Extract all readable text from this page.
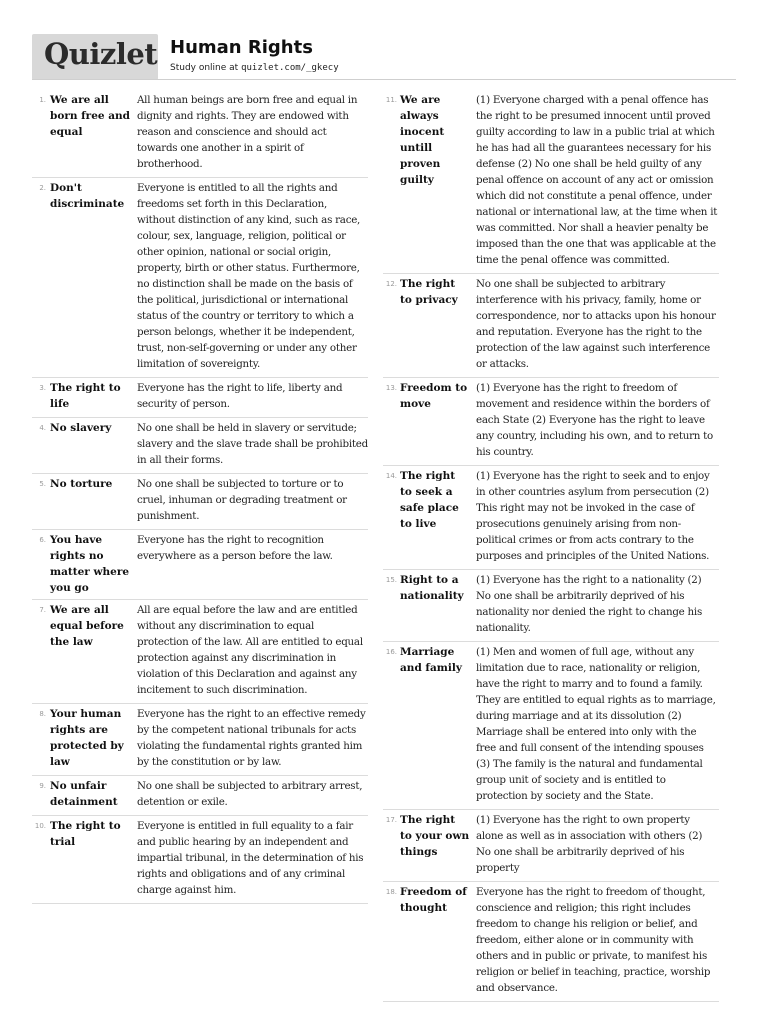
Quizlet Human Rights
Study online at quizlet.com/_gkecy
1. We are all born free and equal
All human beings are born free and equal in dignity and rights. They are endowed with reason and conscience and should act towards one another in a spirit of brotherhood.
2. Don't discriminate
Everyone is entitled to all the rights and freedoms set forth in this Declaration, without distinction of any kind, such as race, colour, sex, language, religion, political or other opinion, national or social origin, property, birth or other status. Furthermore, no distinction shall be made on the basis of the political, jurisdictional or international status of the country or territory to which a person belongs, whether it be independent, trust, non-self-governing or under any other limitation of sovereignty.
3. The right to life
Everyone has the right to life, liberty and security of person.
4. No slavery	No one shall be held in slavery or servitude; slavery and the slave trade shall be prohibited in all their forms.
5. No torture	No one shall be subjected to torture or to cruel, inhuman or degrading treatment or punishment.
6. You have rights no matter where you go
Everyone has the right to recognition everywhere as a person before the law.
7. We are all equal before the law
All are equal before the law and are entitled without any discrimination to equal protection of the law. All are entitled to equal protection against any discrimination in violation of this Declaration and against any incitement to such discrimination.
8. Your human rights are protected by law
Everyone has the right to an effective remedy by the competent national tribunals for acts violating the fundamental rights granted him by the constitution or by law.
9. No unfair detainment
No one shall be subjected to arbitrary arrest, detention or exile.
10. The right to trial
Everyone is entitled in full equality to a fair and public hearing by an independent and impartial tribunal, in the determination of his rights and obligations and of any criminal charge against him.
11. We are always inocent untill proven guilty
(1) Everyone charged with a penal offence has the right to be presumed innocent until proved guilty according to law in a public trial at which he has had all the guarantees necessary for his defense (2) No one shall be held guilty of any penal offence on account of any act or omission which did not constitute a penal offence, under national or international law, at the time when it was committed. Nor shall a heavier penalty be imposed than the one that was applicable at the time the penal offence was committed.
12. The right to privacy
No one shall be subjected to arbitrary interference with his privacy, family, home or correspondence, nor to attacks upon his honour and reputation. Everyone has the right to the protection of the law against such interference or attacks.
13. Freedom to move
(1) Everyone has the right to freedom of movement and residence within the borders of each State (2) Everyone has the right to leave any country, including his own, and to return to his country.
14. The right to seek a safe place to live
(1) Everyone has the right to seek and to enjoy in other countries asylum from persecution (2) This right may not be invoked in the case of prosecutions genuinely arising from non-political crimes or from acts contrary to the purposes and principles of the United Nations.
15. Right to a nationality
(1) Everyone has the right to a nationality (2) No one shall be arbitrarily deprived of his nationality nor denied the right to change his nationality.
16. Marriage and family
(1) Men and women of full age, without any limitation due to race, nationality or religion, have the right to marry and to found a family. They are entitled to equal rights as to marriage, during marriage and at its dissolution (2) Marriage shall be entered into only with the free and full consent of the intending spouses (3) The family is the natural and fundamental group unit of society and is entitled to protection by society and the State.
17. The right to your own things
(1) Everyone has the right to own property alone as well as in association with others (2) No one shall be arbitrarily deprived of his property
18. Freedom of thought
Everyone has the right to freedom of thought, conscience and religion; this right includes freedom to change his religion or belief, and freedom, either alone or in community with others and in public or private, to manifest his religion or belief in teaching, practice, worship and observance.
